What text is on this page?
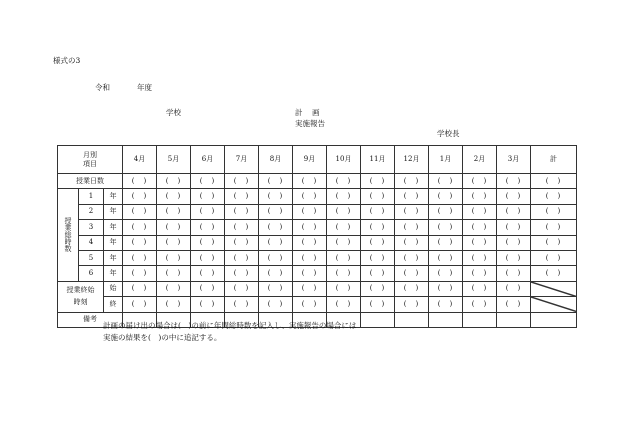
様式の3
令和	年度
学校	計　画
実施報告
学校長
月別
項目			4月	5月	6月	7月	8月	9月	10月	11月	12月	1月	2月	3月	計
授業日数			(　)	(　)	(　)	(　)	(　)	(　)	(　)	(　)	(　)	(　)	(　)	(　)	(　)

授
業
総
時
数	1	年	(　)	(　)	(　)	(　)	(　)	(　)	(　)	(　)	(　)	(　)	(　)	(　)	(　)
	2	年	(　)	(　)	(　)	(　)	(　)	(　)	(　)	(　)	(　)	(　)	(　)	(　)	(　)
	3	年	(　)	(　)	(　)	(　)	(　)	(　)	(　)	(　)	(　)	(　)	(　)	(　)	(　)
	4	年	(　)	(　)	(　)	(　)	(　)	(　)	(　)	(　)	(　)	(　)	(　)	(　)	(　)
	5	年	(　)	(　)	(　)	(　)	(　)	(　)	(　)	(　)	(　)	(　)	(　)	(　)	(　)
	6	年	(　)	(　)	(　)	(　)	(　)	(　)	(　)	(　)	(　)	(　)	(　)	(　)	(　)

授業終始
時刻		始	(　)	(　)	(　)	(　)	(　)	(　)	(　)	(　)	(　)	(　)	(　)	(　)	

		終	(　)	(　)	(　)	(　)	(　)	(　)	(　)	(　)	(　)	(　)	(　)	(　)	

備考															
計画の届け出の場合は(　)の前に年間総時数を記入し、実施報告の場合には
実施の結果を(　)の中に追記する。
